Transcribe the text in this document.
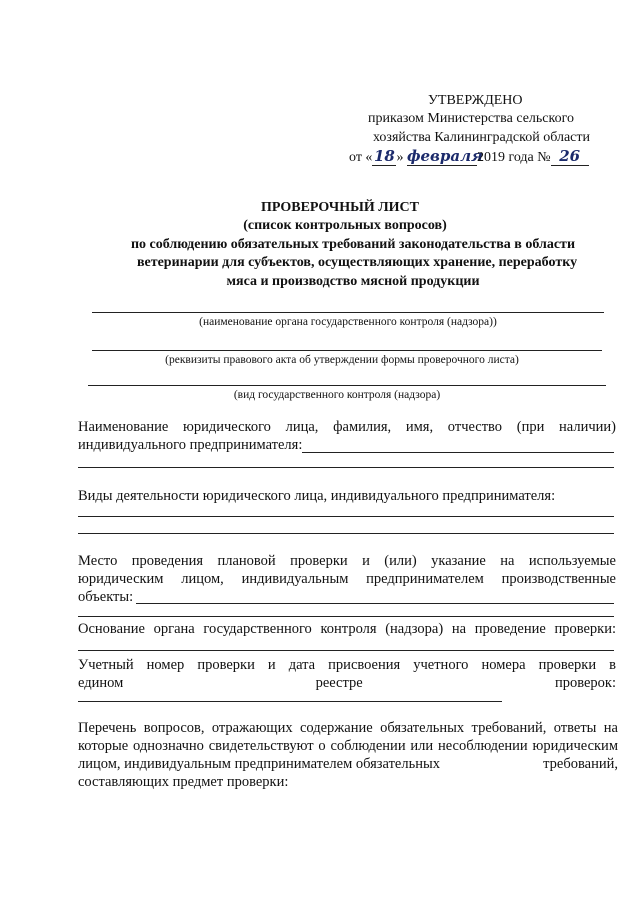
УТВЕРЖДЕНО
приказом Министерства сельского
хозяйства Калининградской области
от « 18 » февраля2019 года № 26
ПРОВЕРОЧНЫЙ ЛИСТ
(список контрольных вопросов)
по соблюдению обязательных требований законодательства в области
ветеринарии для субъектов, осуществляющих хранение, переработку
мяса и производство мясной продукции
(наименование органа государственного контроля (надзора))
(реквизиты правового акта об утверждении формы проверочного листа)
(вид государственного контроля (надзора)
Наименование юридического лица, фамилия, имя, отчество (при наличии)
индивидуального предпринимателя:
Виды деятельности юридического лица, индивидуального предпринимателя:
Место проведения плановой проверки и (или) указание на используемые
юридическим лицом, индивидуальным предпринимателем производственные
объекты:
Основание органа государственного контроля (надзора) на проведение проверки:
Учетный номер проверки и дата присвоения учетного номера проверки в
едином	реестре	проверок:
Перечень вопросов, отражающих содержание обязательных требований, ответы на
которые однозначно свидетельствуют о соблюдении или несоблюдении юридическим
лицом, индивидуальным предпринимателем обязательных	требований,
составляющих предмет проверки:
